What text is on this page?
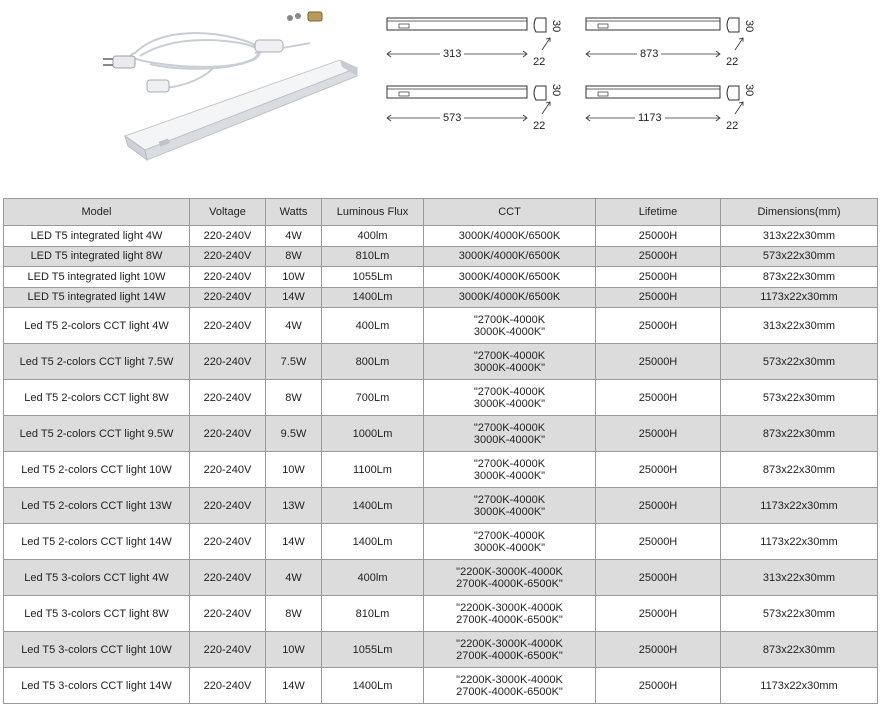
313
22
30
873
22
30
573
22
30
1173
22
30
Model	Voltage	Watts	Luminous Flux	CCT	Lifetime	Dimensions(mm)
LED T5 integrated light 4W	220-240V	4W	400lm	3000K/4000K/6500K	25000H	313x22x30mm
LED T5 integrated light 8W	220-240V	8W	810Lm	3000K/4000K/6500K	25000H	573x22x30mm
LED T5 integrated light 10W	220-240V	10W	1055Lm	3000K/4000K/6500K	25000H	873x22x30mm
LED T5 integrated light 14W	220-240V	14W	1400Lm	3000K/4000K/6500K	25000H	1173x22x30mm
Led T5 2-colors CCT light 4W	220-240V	4W	400Lm	"2700K-4000K
3000K-4000K"	25000H	313x22x30mm
Led T5 2-colors CCT light 7.5W	220-240V	7.5W	800Lm	"2700K-4000K
3000K-4000K"	25000H	573x22x30mm
Led T5 2-colors CCT light 8W	220-240V	8W	700Lm	"2700K-4000K
3000K-4000K"	25000H	573x22x30mm
Led T5 2-colors CCT light 9.5W	220-240V	9.5W	1000Lm	"2700K-4000K
3000K-4000K"	25000H	873x22x30mm
Led T5 2-colors CCT light 10W	220-240V	10W	1100Lm	"2700K-4000K
3000K-4000K"	25000H	873x22x30mm
Led T5 2-colors CCT light 13W	220-240V	13W	1400Lm	"2700K-4000K
3000K-4000K"	25000H	1173x22x30mm
Led T5 2-colors CCT light 14W	220-240V	14W	1400Lm	"2700K-4000K
3000K-4000K"	25000H	1173x22x30mm
Led T5 3-colors CCT light 4W	220-240V	4W	400lm	"2200K-3000K-4000K
2700K-4000K-6500K"	25000H	313x22x30mm
Led T5 3-colors CCT light 8W	220-240V	8W	810Lm	"2200K-3000K-4000K
2700K-4000K-6500K"	25000H	573x22x30mm
Led T5 3-colors CCT light 10W	220-240V	10W	1055Lm	"2200K-3000K-4000K
2700K-4000K-6500K"	25000H	873x22x30mm
Led T5 3-colors CCT light 14W	220-240V	14W	1400Lm	"2200K-3000K-4000K
2700K-4000K-6500K"	25000H	1173x22x30mm
